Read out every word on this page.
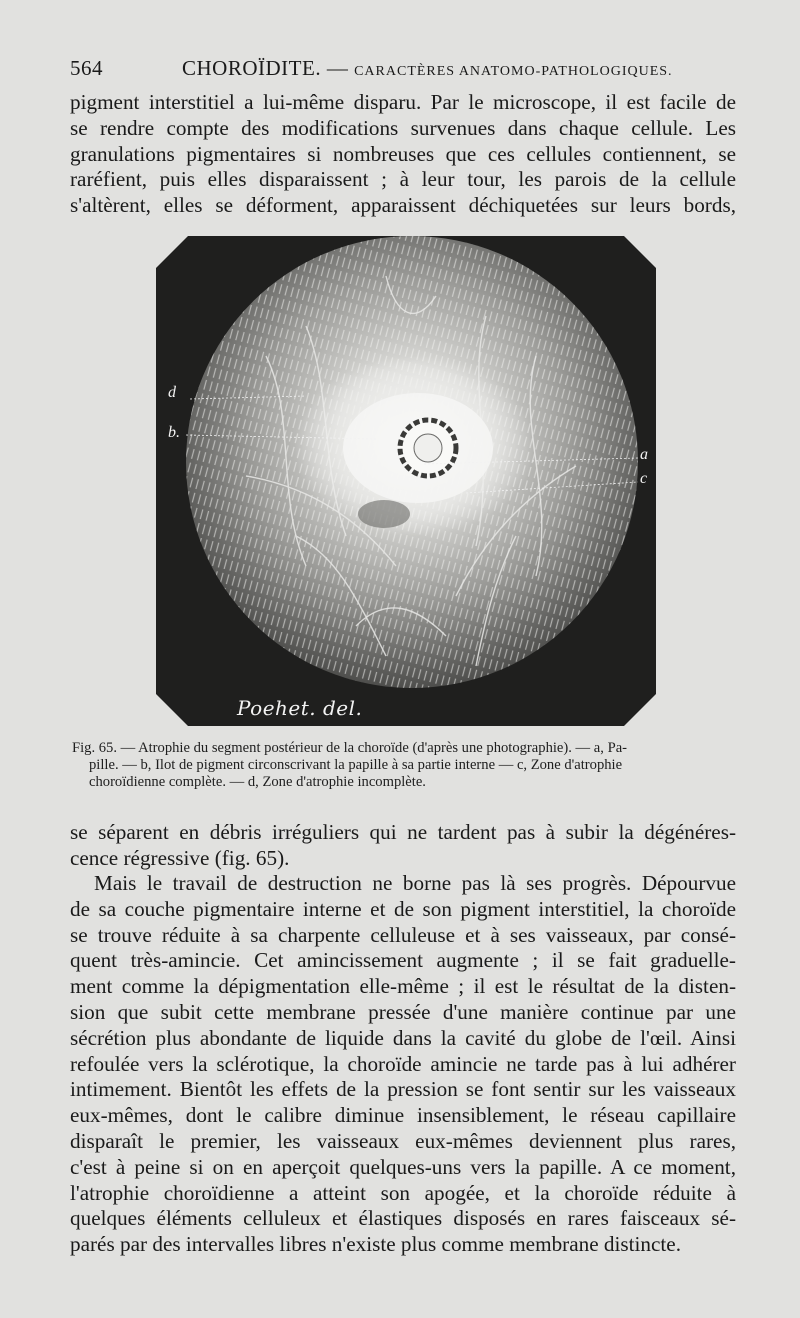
564	CHOROÏDITE. — CARACTÈRES ANATOMO-PATHOLOGIQUES.
pigment interstitiel a lui-même disparu. Par le microscope, il est facile de
se rendre compte des modifications survenues dans chaque cellule. Les
granulations pigmentaires si nombreuses que ces cellules contiennent, se
raréfient, puis elles disparaissent ; à leur tour, les parois de la cellule
s'altèrent, elles se déforment, apparaissent déchiquetées sur leurs bords,
d
b.
a
c
Poehet. del.
Fig. 65. — Atrophie du segment postérieur de la choroïde (d'après une photographie). — a, Pa-
pille. — b, Ilot de pigment circonscrivant la papille à sa partie interne — c, Zone d'atrophie
choroïdienne complète. — d, Zone d'atrophie incomplète.
se séparent en débris irréguliers qui ne tardent pas à subir la dégénéres-
cence régressive (fig. 65).
Mais le travail de destruction ne borne pas là ses progrès. Dépourvue
de sa couche pigmentaire interne et de son pigment interstitiel, la choroïde
se trouve réduite à sa charpente celluleuse et à ses vaisseaux, par consé-
quent très-amincie. Cet amincissement augmente ; il se fait graduelle-
ment comme la dépigmentation elle-même ; il est le résultat de la disten-
sion que subit cette membrane pressée d'une manière continue par une
sécrétion plus abondante de liquide dans la cavité du globe de l'œil. Ainsi
refoulée vers la sclérotique, la choroïde amincie ne tarde pas à lui adhérer
intimement. Bientôt les effets de la pression se font sentir sur les vaisseaux
eux-mêmes, dont le calibre diminue insensiblement, le réseau capillaire
disparaît le premier, les vaisseaux eux-mêmes deviennent plus rares,
c'est à peine si on en aperçoit quelques-uns vers la papille. A ce moment,
l'atrophie choroïdienne a atteint son apogée, et la choroïde réduite à
quelques éléments celluleux et élastiques disposés en rares faisceaux sé-
parés par des intervalles libres n'existe plus comme membrane distincte.
